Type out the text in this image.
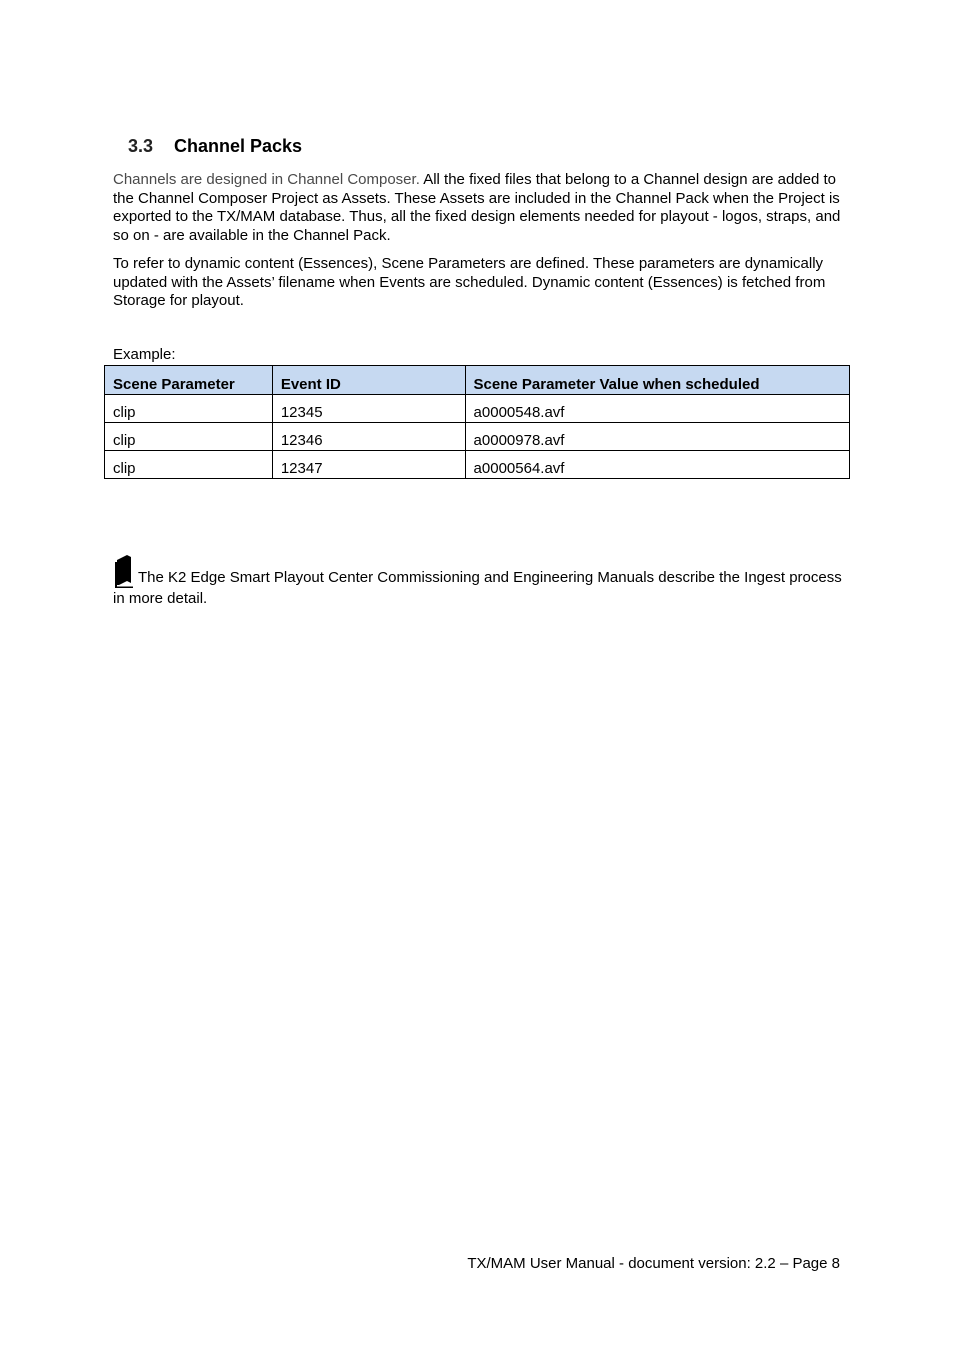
3.3 Channel Packs

Channels are designed in Channel Composer. All the fixed files that belong to a Channel design are added to the Channel Composer Project as Assets. These Assets are included in the Channel Pack when the Project is exported to the TX/MAM database. Thus, all the fixed design elements needed for playout - logos, straps, and so on - are available in the Channel Pack.

To refer to dynamic content (Essences), Scene Parameters are defined. These parameters are dynamically updated with the Assets’ filename when Events are scheduled. Dynamic content (Essences) is fetched from Storage for playout.

Example:

Scene Parameter	Event ID	Scene Parameter Value when scheduled
clip	12345	a0000548.avf
clip	12346	a0000978.avf
clip	12347	a0000564.avf

The K2 Edge Smart Playout Center Commissioning and Engineering Manuals describe the Ingest process in more detail.

TX/MAM User Manual - document version: 2.2 – Page 8
